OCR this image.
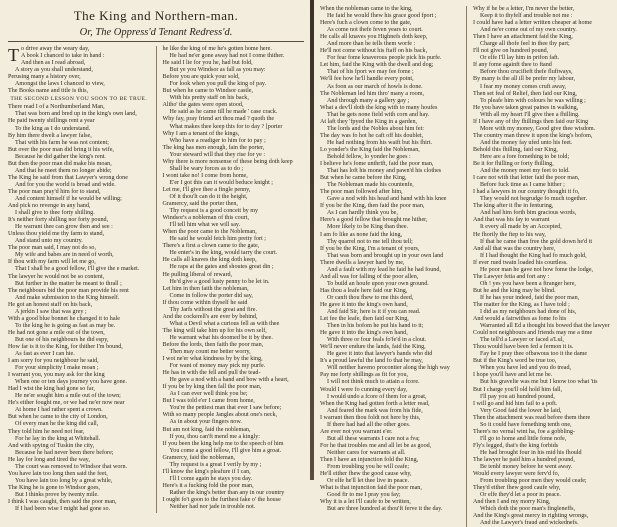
The King and Northern-man.
Or, The Oppress'd Tenant Redress'd.
T o drive away the weary day,
A book I chanced to take in hand :
And then as I read abroad,
A story as you shall understand,
Perusing many a history over,
Amongst the laws I chanced to view,
The Books name and title is this,
THE SECOND LESSON YOU SOON TO BE TRUE.
There read I of a Northumberland Man,
That was born and bred up in the king's own land,
He paid twenty shillings rent a year
To the king as I do understand.
By him there dwelt a lawyer false,
That with his farm he was not content;
But over the poor man did bring it his wife,
Because he did gather the king's rent.
But then the poor man did make his moan,
And that he meet them no longer abide;
The King he said from that Lawyer's wrong done
And for you the world is broad and wide.
The poor man pray'd him for to stand,
And content himself if he would be willing;
And pick no revenge in any hand,
I shall give to thee forty shilling.
It's neither forty shilling nor forty pound,
He warrant thee can grow then and see :
Unless thou yield me thy farm to stand,
And stand unto my country.
The poor man said, I may not do so,
My wife and babes are in need of worth,
If thou with my farm will let me go,
That I shall be a good fellow, I'll give the e market.
The lawyer he would not be so content,
But further in the matter he meant to thrall ;
The neighbours bid the poor man provide his rent
And make submission to the King himself.
He got an honest staff on his back,
A jerkin I saw that was grey ;
With a good blue bonnet he changed it to hale
To the king he is going as fast as may be.
He had not gone a mile out of the town,
But one of his neighbours he did espy,
How far is it to the King, for thither I'm bound,
As fast as ever I can hie.
I am sorry for you neighbour he said,
For your simplicity I make moan ;
I warrant you, you may ask for the king
When one or ten days journey you have gone.
Had I wist the king had gone so far,
He ne'er sought him a mile out of the town;
He's either fought me, or we had ne'er now near
At home I had rather spent a crown.
But when he came to the city of London,
Of every man he the king did call,
They told him he need not fear,
For he lay in the king at Whitehall.
And with spying of Tuskin the city,
Because he had never been there before;
He lay for long and tired the way,
The court was removed to Windsor that worn.
You have lain too long then said the feet,
You have lain too long by a great while,
The King he is gone to Windsor goes,
But I thinks prove by twenty mile.
I think I was caught, then said the poor man,
If I had been wise I might had gone so.
he like the king of me he's gotten home here.
He had ne'er gone away had not I come thither.
He said I lie for you he, had but fold,
But ye you Windsor as fall as you may:
Before you are quick your sold,
For look when you pull the king of pay.
But when he came to Windsor castle,
With his pretty staff on his back,
Altho' the gates were open stood,
He said as he came till he made ' case crack.
Why fay, pray friend art thou mad ? quoth the
What makes thee keep this for to day ? [porter
Why I am a tenant of the kings,
Who have a readiger to him for to pay ;
The king has men enough, fain the porter,
Your steward will that they rise for ye :
Why there is more nonsense of these being doth keep
Shall be wary forces as to do ;
I wont take no! I come from home,
E'er I got this can it would beduce knight ;
Let me, I'll give thee a fingle penny,
Of it thou'lt can do it the height,
Gramercy, said the porter then,
Thy request is a good conceit by my
Windsor's a nobleman of this court,
I'll tell him what we will say.
When the poor came to the Nobleman,
He said he would fetch him pretty fort ;
There's a first a clown came to the gate,
He enter's in the king, would tarry the court.
He calls all knaves the king doth keep,
He raps at the gates and shoutes great din ;
He pulling liberal of reward,
He'd give a good lusty penny to be let in.
Let him in then faith the nobleman,
Come in follow the porter did say,
If thou come within thyself he said
Thy Jarfs without the great and fire.
And the cockerell's are ever by behind,
What a Devil what a curious fell as with thee
The king will take him up for his own self,
He warrant what his doomed be it by thee.
Before the lords, then faith the poor man,
Then may count me better worry,
I wot ne'er what kindness by by the king,
For want of money may pick my purfe.
He has in with the fell and pull the tead-
He gave a nod with a hand and bow with a heart,
If you be by king then fall the poor man,
As I can ever well think you be;
But I was told e'er I came from home,
You're the pettiest man that ever I saw before;
With so many people Jangles about one's neck,
As in about your fingers now.
But am not king, faid the nobleman,
If you, thou can'ft mend me a kingly:
If you been the king help me to the speech of him
You come a good fellow, I'll give him a groat.
Gramercy, faid the nobleman,
Thy request is a great I verily by my ;
I'll know the king's pleafure if I can,
I'll I come again he stays you day.
Here's it a fucking fold the poor man,
Rather the king's better than any in our country
I ought fo't goon to the furthest fake o' the house
Neither had nor jade in trouble not.
When the nobleman came to the king,
He faid he would fhew his grace good fport ;
Here's fuch a clown come to the gate,
As come not thefe feven years to court.
He calls all knaves you Highnefs doth keep,
And more than he tells them worfe :
He'll not come without his ftaff on his back,
For fear fome knaverous people pick his purfe.
Let him, faid the King with the dwell and dog;
That of his fport we may fee fome ;
We'll fee how he'll handle every point,
As foon as our march of howls is done.
The Nobleman led him thro' many a room,
And through many a gallery gay ;
What a dev'll doth the king with to many houfes
That he gets none field with corn and hay.
At laft they 'fpyed the King in a garden,
The lords and the Nobles about him fet:
The day was fo hot he caft off his doublet,
He had nothing from his waift but his fhirt.
Lo yonder's the King faid the Nobleman,
Behold fellow, lo yonder he goes :
I believe he's fome unthrift, faid the poor man,
That has loft his money and pawn'd his clothes
But when he came before the King,
The Nobleman made his countenfe,
The poor man followed after him,
Gave a nod with his head and hand with his knee
If you be the King, then faid the poor man,
As I can hardly think you be,
Here's a good fellow that brought me hither,
More likely to be King than thee.
I am fo like as none faid the king,
Thy quarrel not to me tell thou tell;
If you be the King, I'm a tenant of yours,
That was born and brought up in your own land
There dwells a lawyer hard by me,
And a fault with my lead he faid he had found,
And all was for falling of the poor allen,
To build an houfe upon your own ground.
Has thou a leafe here faid our King,
Or canft thou fhew to me this deed,
He gave it into the king's own hand,
And faid Sir, here is it if you can read.
Let fee the leafe, then faid our King,
Then in his bofom he put his hand to it;
He gave it into the king's own hand,
With three or four feals fo'fe'd in a clout.
We'll never endure the lands, faid the King,
He gave it into that lawyer's hands who did
It's a proud lawful the land fo that he may,
Will neither haveno procontier along the high way
Pay me forty shillings as fit for you,
I will not think much to attain a fcore.
Would I were fo cunning every day,
I would undo a fcore of them for a groat,
When the King had gotten forth a letter read,
And feared the mark was from his fide,
I warrant then thou foldt not here by this,
If there had had all the other goes.
Are ever not you warrant e'er.
But all these warrants I care not a fva;
For he that troubles me and all let be as good,
Neither cares for warrants at all.
Then I have an injunction fold the King,
From troubling you he will ceafe;
He'll either fhew the good cause why,
Or elfe he'll let thee live in peace.
What is that injunction faid the poor man,
Good fir to me I pray you fay;
Why it is a let I'll caufe to be written,
But are three hundred at thou'ft ferve it the day.
Why if he be a letter, I'm never the better,
Keep it to thyfelf and trouble not me :
I could have had a letter written cheaper at home
And ne'er come out of my own country.
Then I have an attachment faid the King,
Charge all thofe feel in thee thy part;
I'll not give on hundred pound,
Or elfe I'll lay him in prifon faft.
If any fome againft thee to ftand
Before thou crucifieft thefe fluftways,
By many is the all ill be prefer my labour,
I fear my money comes cruft away,
Then set feal of Relief, then faid our King,
To pleafe him with colours he was willing ;
He you have taken great paines in walking,
With all my heart I'll give thee a fhilling.
If I have any of thy fhillings then faid our King
More with my money, Good give thee wisdom.
The country man threw it upon the king's bofom,
And the money fay ufed unto his feet.
Behold this fhilling, faid our King,
Here are a fore fomething to be told;
Be it for fhilling or forty fhilling,
And the money meet my feet to told.
I care not with that letter faid the poor man,
Before fuck time as I came hither ;
I had a lawyers in our country thought it fo,
They would not begrudge fo much together.
The king after it fhe in fenturing,
And had him forth bim gracious words,
And that was his fay to warrant
It every all made by an Accepted,
He fhortly the ftep to his way,
If that he came than free the gold down he'd it
And all that was the country here,
If I had thought the King had fo much gold,
If ever rued twain loaded his courtless.
He poor man he gave not how fome the lodge,
The Lawyer fetia and fort any :
Oh ! yes you have been a ftranger here,
But he and the king may be blind.
If he has your indeed, faid the poor man,
The matter for the King, as I have told ;
I did as my neighbours had done of his,
And would a fairwithes as fome fo his
Warranted all Ed a thought his bowed that the lawyer
Could not neighbours and friends may me a time
The tell'd a Lawyer or faced a'Lul,
Thou would have been fed a fermon it is.
Fay he I pray thee ofbawous too it the dame
But if the King's word be true too,
When you have led and you do tread,
I hope you'll have and let me be.
But his gravelie was me but I know too what 'tis
But I charge you'll old hold him fall,
I'll pay you ati hundred pound,
I will go and hid him fail to a poft.
Very Good faid the lower he laid,
Then the attachment was read before them there
So it could have fomething tenth one,
There's no vernal wint ha, foe a gobbling-
I'll go to home and little fome nofe,
Fly's legged, that's the king forbids
He had brought four in his mid his fhould
The lawyer he paid him a hundred pound,
Be tenhf money before he went away.
Would every lawyer were ferv'd fo,
From troubling poor men they would ceafe;
They'd either fhew good caufe why,
Or elfe they'd let a poor in peace.
And then I and my morry King,
Which doth the poor man's fingleneffs,
And the King's great mercy in righting wrongs,
And the Lawyer's fraud and wickednefs.
